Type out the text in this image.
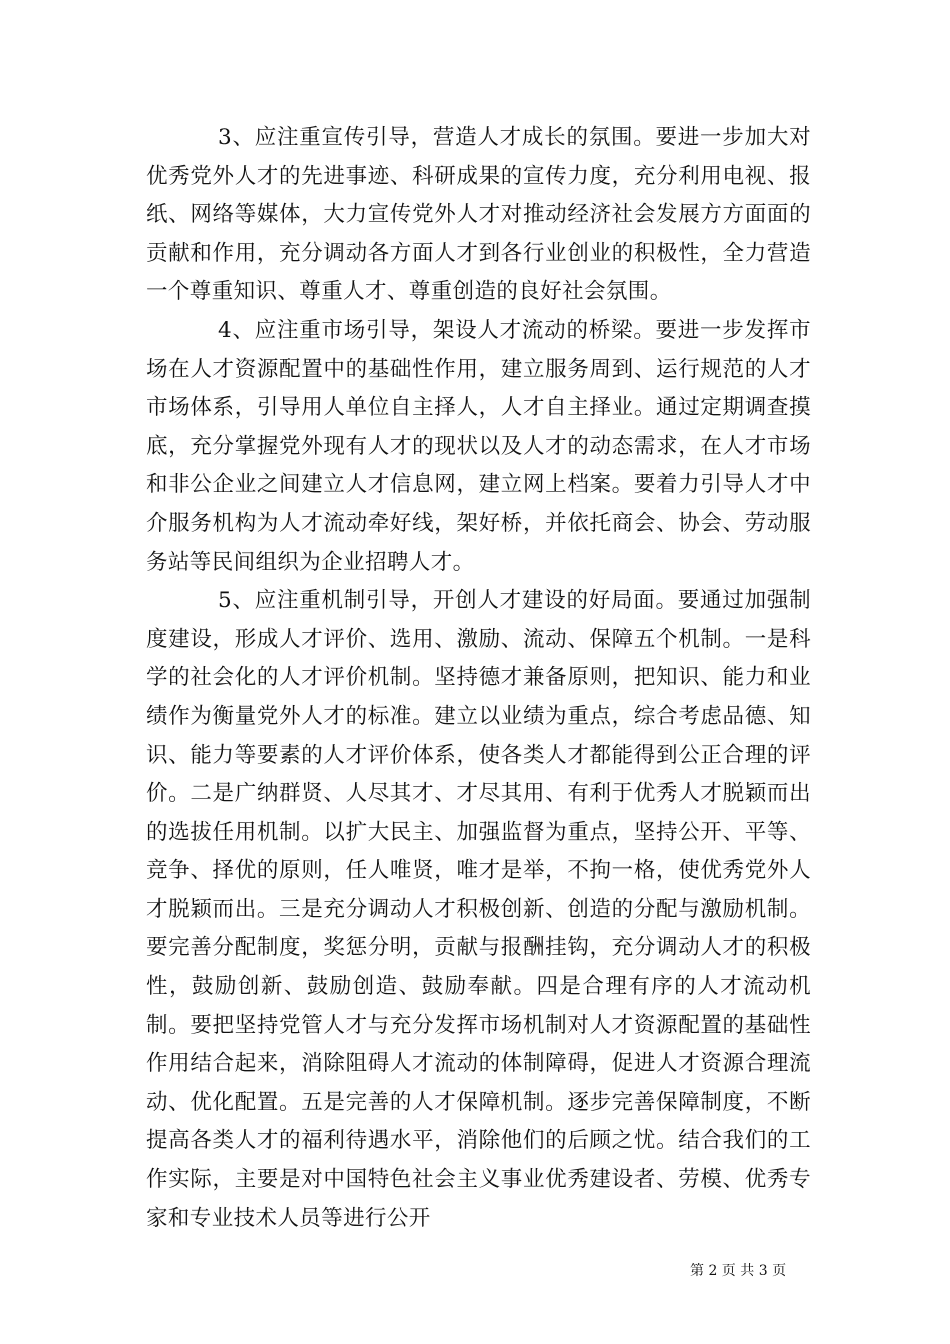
3、应注重宣传引导，营造人才成长的氛围。要进一步加大对优秀党外人才的先进事迹、科研成果的宣传力度，充分利用电视、报纸、网络等媒体，大力宣传党外人才对推动经济社会发展方方面面的贡献和作用，充分调动各方面人才到各行业创业的积极性，全力营造一个尊重知识、尊重人才、尊重创造的良好社会氛围。

4、应注重市场引导，架设人才流动的桥梁。要进一步发挥市场在人才资源配置中的基础性作用，建立服务周到、运行规范的人才市场体系，引导用人单位自主择人，人才自主择业。通过定期调查摸底，充分掌握党外现有人才的现状以及人才的动态需求，在人才市场和非公企业之间建立人才信息网，建立网上档案。要着力引导人才中介服务机构为人才流动牵好线，架好桥，并依托商会、协会、劳动服务站等民间组织为企业招聘人才。

5、应注重机制引导，开创人才建设的好局面。要通过加强制度建设，形成人才评价、选用、激励、流动、保障五个机制。一是科学的社会化的人才评价机制。坚持德才兼备原则，把知识、能力和业绩作为衡量党外人才的标准。建立以业绩为重点，综合考虑品德、知识、能力等要素的人才评价体系，使各类人才都能得到公正合理的评价。二是广纳群贤、人尽其才、才尽其用、有利于优秀人才脱颖而出的选拔任用机制。以扩大民主、加强监督为重点，坚持公开、平等、竞争、择优的原则，任人唯贤，唯才是举，不拘一格，使优秀党外人才脱颖而出。三是充分调动人才积极创新、创造的分配与激励机制。要完善分配制度，奖惩分明，贡献与报酬挂钩，充分调动人才的积极性，鼓励创新、鼓励创造、鼓励奉献。四是合理有序的人才流动机制。要把坚持党管人才与充分发挥市场机制对人才资源配置的基础性作用结合起来，消除阻碍人才流动的体制障碍，促进人才资源合理流动、优化配置。五是完善的人才保障机制。逐步完善保障制度，不断提高各类人才的福利待遇水平，消除他们的后顾之忧。结合我们的工作实际，主要是对中国特色社会主义事业优秀建设者、劳模、优秀专家和专业技术人员等进行公开

第 2 页 共 3 页
